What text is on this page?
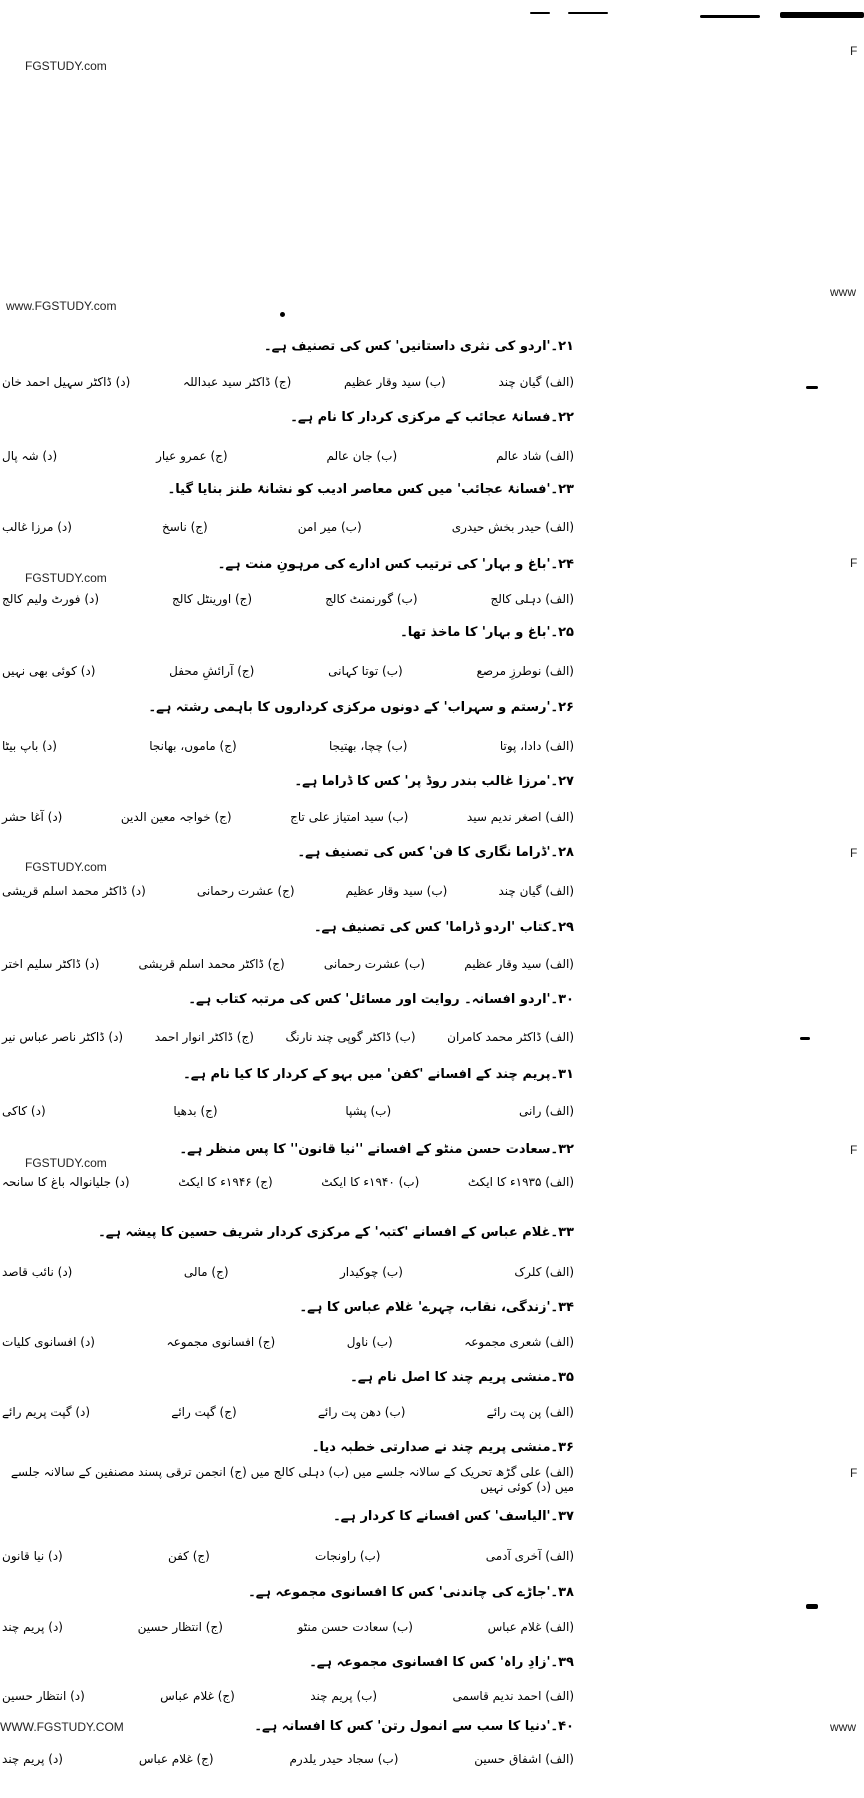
FGSTUDY.com
www.FGSTUDY.com
FGSTUDY.com
FGSTUDY.com
FGSTUDY.com
WWW.FGSTUDY.COM
F
www
F
F
F
F
www
۲۱۔'اردو کی نثری داستانیں' کس کی تصنیف ہے۔
(الف) گیان چند
(ب) سید وقار عظیم
(ج) ڈاکٹر سید عبداللہ
(د) ڈاکٹر سہیل احمد خان
۲۲۔فسانۂ عجائب کے مرکزی کردار کا نام ہے۔
(الف) شاد عالم
(ب) جان عالم
(ج) عمرو عیار
(د) شہ پال
۲۳۔'فسانۂ عجائب' میں کس معاصر ادیب کو نشانۂ طنز بنایا گیا۔
(الف) حیدر بخش حیدری
(ب) میر امن
(ج) ناسخ
(د) مرزا غالب
۲۴۔'باغ و بہار' کی ترتیب کس ادارے کی مرہونِ منت ہے۔
(الف) دہلی کالج
(ب) گورنمنٹ کالج
(ج) اورینٹل کالج
(د) فورٹ ولیم کالج
۲۵۔'باغ و بہار' کا ماخذ تھا۔
(الف) نوطرزِ مرصع
(ب) توتا کہانی
(ج) آرائشِ محفل
(د) کوئی بھی نہیں
۲۶۔'رستم و سہراب' کے دونوں مرکزی کرداروں کا باہمی رشتہ ہے۔
(الف) دادا، پوتا
(ب) چچا، بھتیجا
(ج) ماموں، بھانجا
(د) باپ بیٹا
۲۷۔'مرزا غالب بندر روڈ پر' کس کا ڈراما ہے۔
(الف) اصغر ندیم سید
(ب) سید امتیاز علی تاج
(ج) خواجہ معین الدین
(د) آغا حشر
۲۸۔'ڈراما نگاری کا فن' کس کی تصنیف ہے۔
(الف) گیان چند
(ب) سید وقار عظیم
(ج) عشرت رحمانی
(د) ڈاکٹر محمد اسلم قریشی
۲۹۔کتاب 'اردو ڈراما' کس کی تصنیف ہے۔
(الف) سید وقار عظیم
(ب) عشرت رحمانی
(ج) ڈاکٹر محمد اسلم قریشی
(د) ڈاکٹر سلیم اختر
۳۰۔'اردو افسانہ۔ روایت اور مسائل' کس کی مرتبہ کتاب ہے۔
(الف) ڈاکٹر محمد کامران
(ب) ڈاکٹر گوپی چند نارنگ
(ج) ڈاکٹر انوار احمد
(د) ڈاکٹر ناصر عباس نیر
۳۱۔پریم چند کے افسانے 'کفن' میں بہو کے کردار کا کیا نام ہے۔
(الف) رانی
(ب) پشپا
(ج) بدھیا
(د) کاکی
۳۲۔سعادت حسن منٹو کے افسانے ''نیا قانون'' کا پس منظر ہے۔
(الف) ۱۹۳۵ء کا ایکٹ
(ب) ۱۹۴۰ء کا ایکٹ
(ج) ۱۹۴۶ء کا ایکٹ
(د) جلیانوالہ باغ کا سانحہ
۳۳۔غلام عباس کے افسانے 'کتبہ' کے مرکزی کردار شریف حسین کا پیشہ ہے۔
(الف) کلرک
(ب) چوکیدار
(ج) مالی
(د) نائب قاصد
۳۴۔'زندگی، نقاب، چہرے' غلام عباس کا ہے۔
(الف) شعری مجموعہ
(ب) ناول
(ج) افسانوی مجموعہ
(د) افسانوی کلیات
۳۵۔منشی پریم چند کا اصل نام ہے۔
(الف) پن پت رائے
(ب) دھن پت رائے
(ج) گپت رائے
(د) گپت پریم رائے
۳۶۔منشی پریم چند نے صدارتی خطبہ دیا۔
(الف) علی گڑھ تحریک کے سالانہ جلسے میں (ب) دہلی کالج میں (ج) انجمن ترقی پسند مصنفین کے سالانہ جلسے میں (د) کوئی نہیں
۳۷۔'الیاسف' کس افسانے کا کردار ہے۔
(الف) آخری آدمی
(ب) راونجات
(ج) کفن
(د) نیا قانون
۳۸۔'جاڑے کی چاندنی' کس کا افسانوی مجموعہ ہے۔
(الف) غلام عباس
(ب) سعادت حسن منٹو
(ج) انتظار حسین
(د) پریم چند
۳۹۔'زادِ راہ' کس کا افسانوی مجموعہ ہے۔
(الف) احمد ندیم قاسمی
(ب) پریم چند
(ج) غلام عباس
(د) انتظار حسین
۴۰۔'دنیا کا سب سے انمول رتن' کس کا افسانہ ہے۔
(الف) اشفاق حسین
(ب) سجاد حیدر یلدرم
(ج) غلام عباس
(د) پریم چند
